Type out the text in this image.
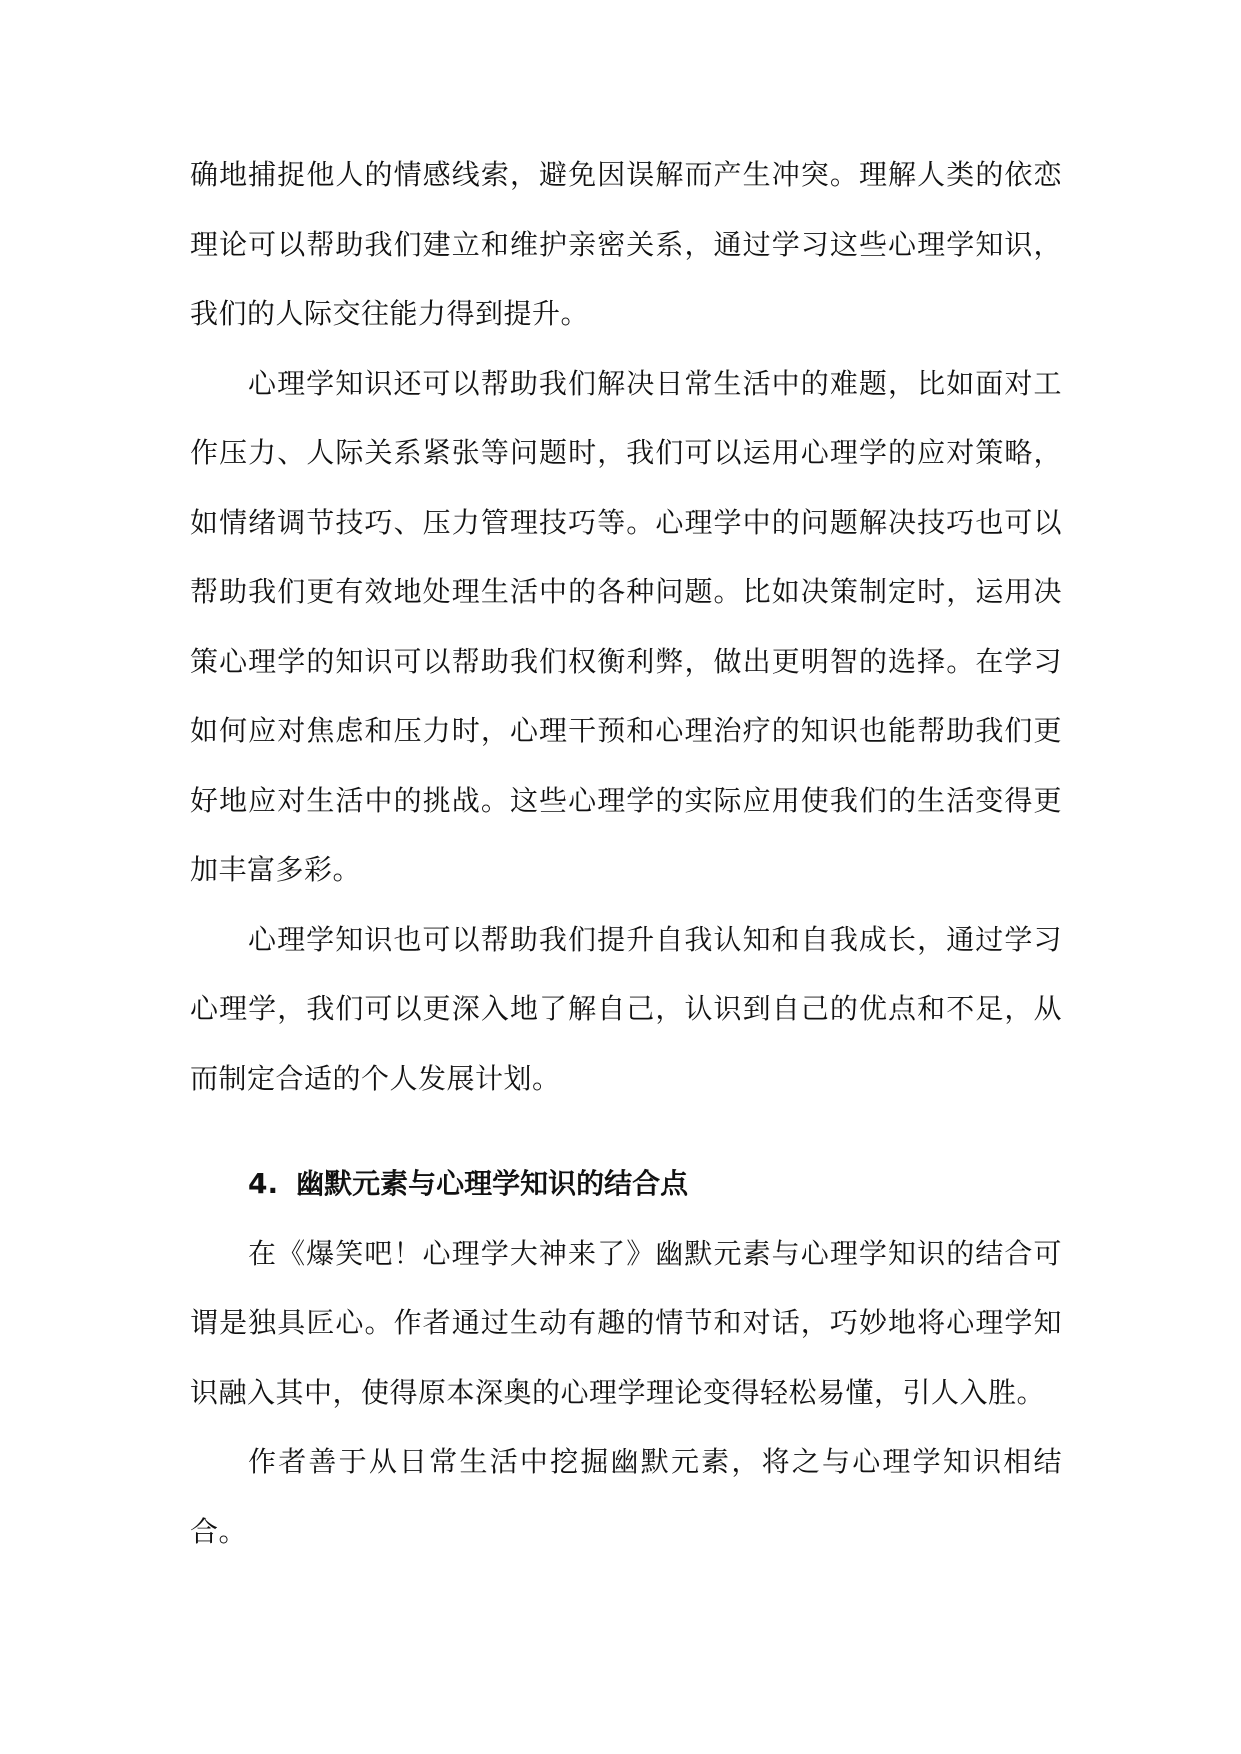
确地捕捉他人的情感线索，避免因误解而产生冲突。理解人类的依恋理论可以帮助我们建立和维护亲密关系，通过学习这些心理学知识，我们的人际交往能力得到提升。

心理学知识还可以帮助我们解决日常生活中的难题，比如面对工作压力、人际关系紧张等问题时，我们可以运用心理学的应对策略，如情绪调节技巧、压力管理技巧等。心理学中的问题解决技巧也可以帮助我们更有效地处理生活中的各种问题。比如决策制定时，运用决策心理学的知识可以帮助我们权衡利弊，做出更明智的选择。在学习如何应对焦虑和压力时，心理干预和心理治疗的知识也能帮助我们更好地应对生活中的挑战。这些心理学的实际应用使我们的生活变得更加丰富多彩。

心理学知识也可以帮助我们提升自我认知和自我成长，通过学习心理学，我们可以更深入地了解自己，认识到自己的优点和不足，从而制定合适的个人发展计划。

4. 幽默元素与心理学知识的结合点

在《爆笑吧！心理学大神来了》幽默元素与心理学知识的结合可谓是独具匠心。作者通过生动有趣的情节和对话，巧妙地将心理学知识融入其中，使得原本深奥的心理学理论变得轻松易懂，引人入胜。

作者善于从日常生活中挖掘幽默元素，将之与心理学知识相结合。
